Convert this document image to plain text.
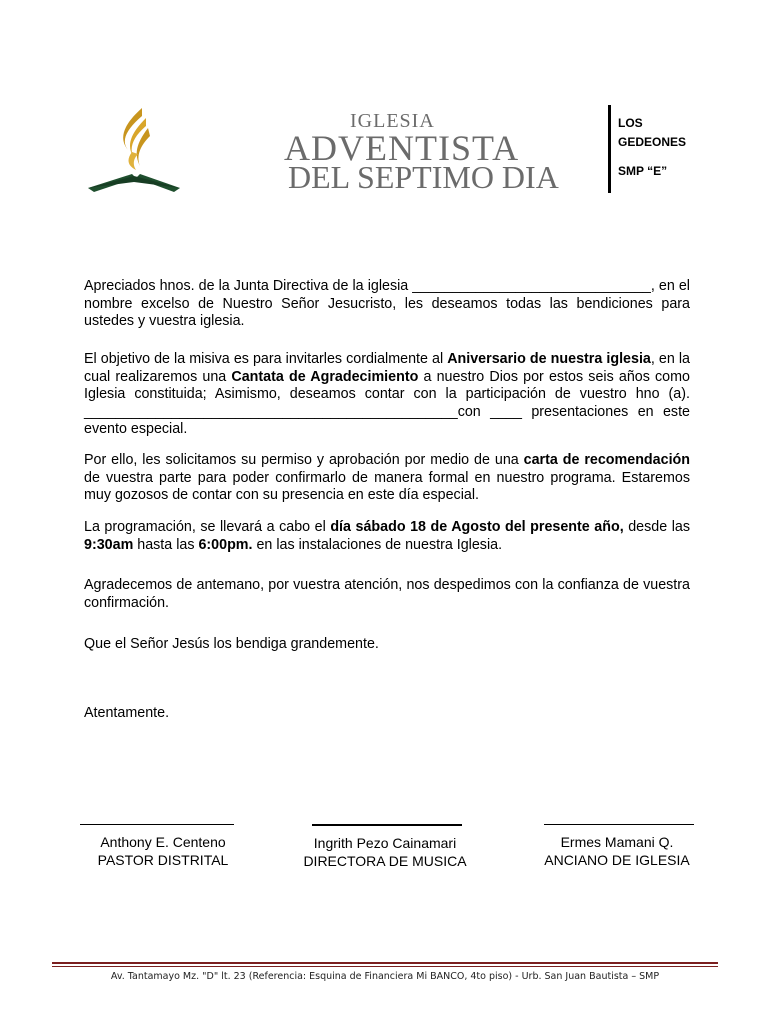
IGLESIA
ADVENTISTA
DEL SEPTIMO DIA
LOS
GEDEONES
SMP “E”
Apreciados hnos. de la Junta Directiva de la iglesia ______________________________, en el nombre excelso de Nuestro Señor Jesucristo, les deseamos todas las bendiciones para ustedes y vuestra iglesia.
El objetivo de la misiva es para invitarles cordialmente al Aniversario de nuestra iglesia, en la cual realizaremos una Cantata de Agradecimiento a nuestro Dios por estos seis años como Iglesia constituida; Asimismo, deseamos contar con la participación de vuestro hno (a). _______________________________________________con ____ presentaciones en este evento especial.
Por ello, les solicitamos su permiso y aprobación por medio de una carta de recomendación de vuestra parte para poder confirmarlo de manera formal en nuestro programa. Estaremos muy gozosos de contar con su presencia en este día especial.
La programación, se llevará a cabo el día sábado 18 de Agosto del presente año, desde las 9:30am hasta las 6:00pm. en las instalaciones de nuestra Iglesia.
Agradecemos de antemano, por vuestra atención, nos despedimos con la confianza de vuestra confirmación.
Que el Señor Jesús los bendiga grandemente.
Atentamente.
Anthony E. Centeno
PASTOR DISTRITAL
Ingrith Pezo Cainamari
DIRECTORA DE MUSICA
Ermes Mamani Q.
ANCIANO DE IGLESIA
Av. Tantamayo Mz. "D" lt. 23 (Referencia: Esquina de Financiera Mi BANCO, 4to piso) - Urb. San Juan Bautista – SMP
